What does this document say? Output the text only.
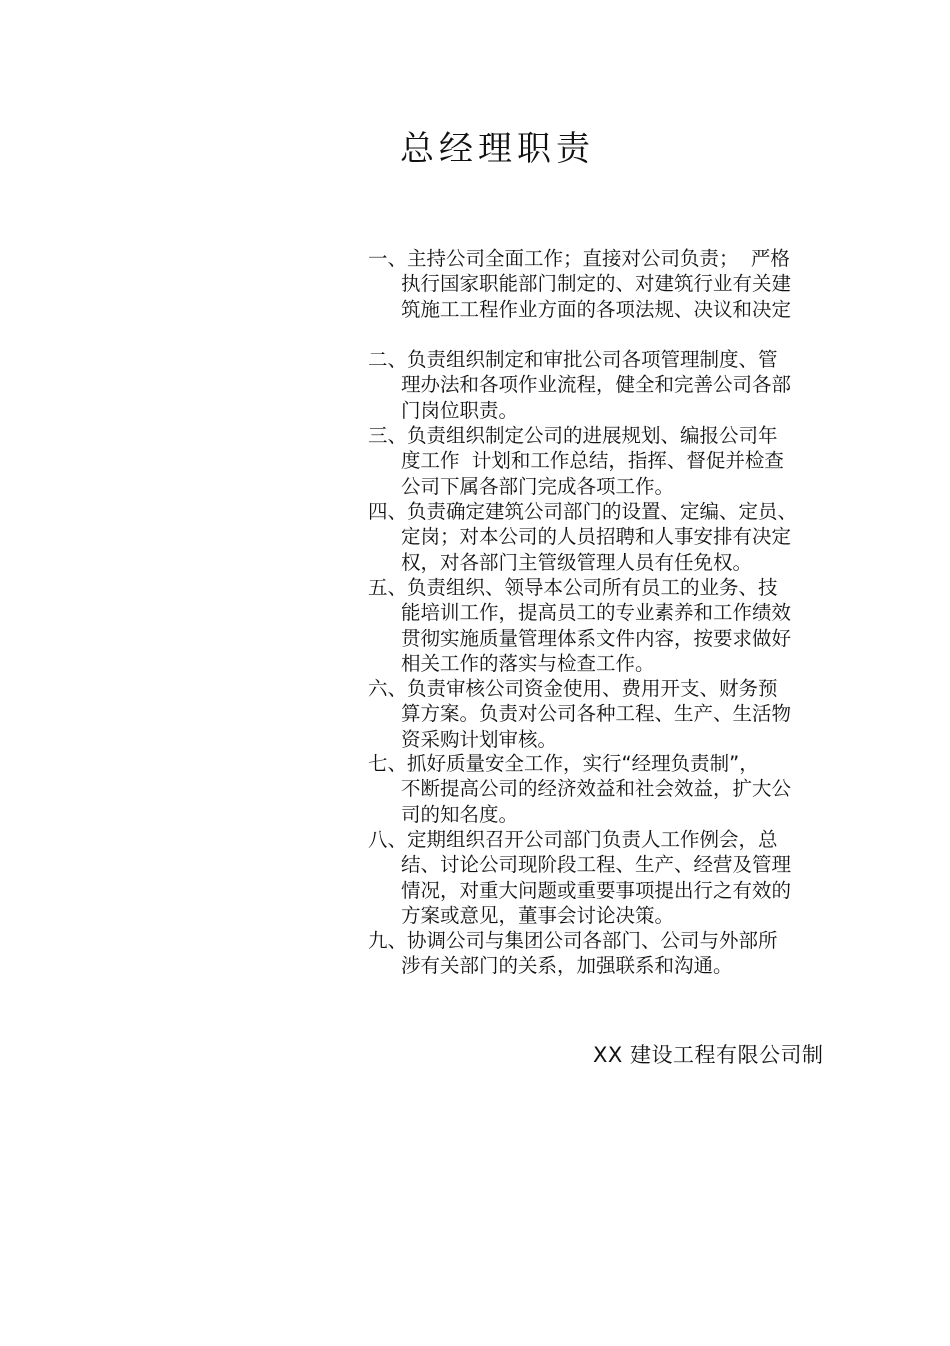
总经理职责
一、主持公司全面工作；直接对公司负责；  严格
执行国家职能部门制定的、对建筑行业有关建
筑施工工程作业方面的各项法规、决议和决定
二、负责组织制定和审批公司各项管理制度、管
理办法和各项作业流程，健全和完善公司各部
门岗位职责。
三、负责组织制定公司的进展规划、编报公司年
度工作  计划和工作总结，指挥、督促并检查
公司下属各部门完成各项工作。
四、负责确定建筑公司部门的设置、定编、定员、
定岗；对本公司的人员招聘和人事安排有决定
权，对各部门主管级管理人员有任免权。
五、负责组织、领导本公司所有员工的业务、技
能培训工作，提高员工的专业素养和工作绩效
贯彻实施质量管理体系文件内容，按要求做好
相关工作的落实与检查工作。
六、负责审核公司资金使用、费用开支、财务预
算方案。负责对公司各种工程、生产、生活物
资采购计划审核。
七、抓好质量安全工作，实行“经理负责制”，
不断提高公司的经济效益和社会效益，扩大公
司的知名度。
八、定期组织召开公司部门负责人工作例会，总
结、讨论公司现阶段工程、生产、经营及管理
情况，对重大问题或重要事项提出行之有效的
方案或意见，董事会讨论决策。
九、协调公司与集团公司各部门、公司与外部所
涉有关部门的关系，加强联系和沟通。
XX 建设工程有限公司制
